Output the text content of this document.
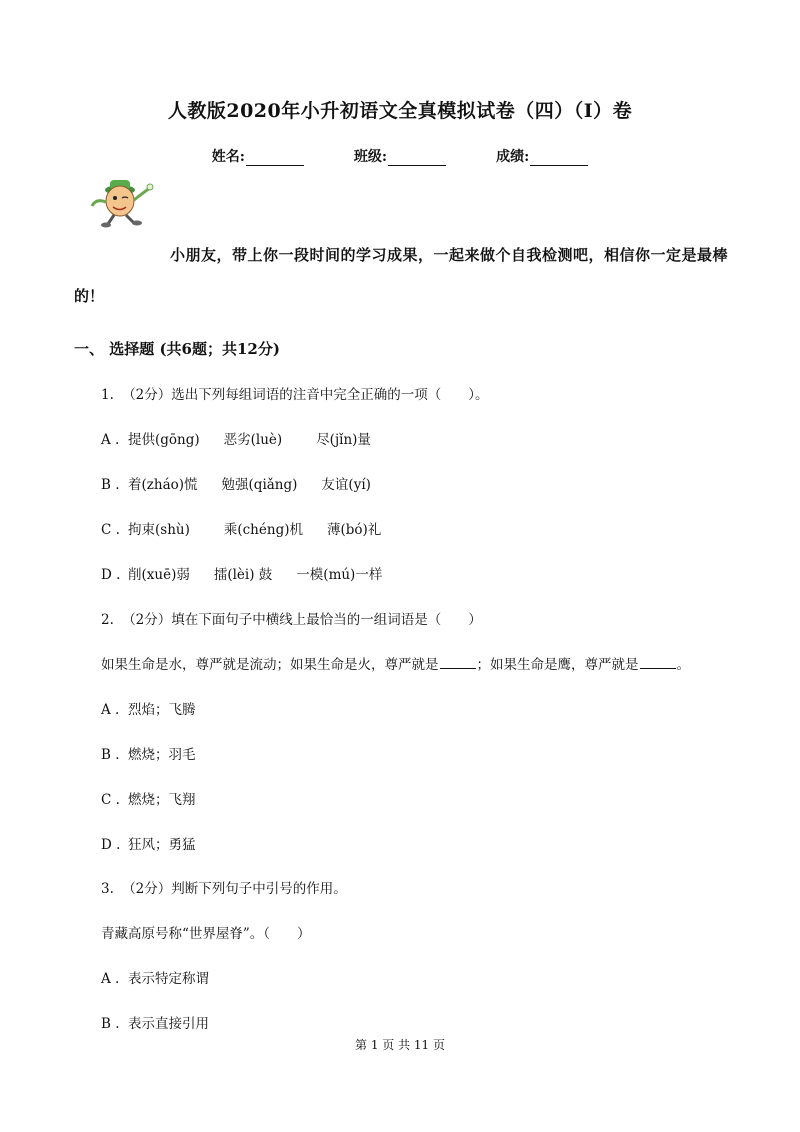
人教版2020年小升初语文全真模拟试卷（四）（I）卷
姓名:	班级:	成绩:
小朋友，带上你一段时间的学习成果，一起来做个自我检测吧，相信你一定是最棒
的！
一、 选择题 (共6题；共12分)
1. （2分）选出下列每组词语的注音中完全正确的一项（　　）。
A . 提供(gōng) 恶劣(luè)	尽(jǐn)量
B . 着(zháo)慌 勉强(qiǎng) 友谊(yí)
C . 拘束(shù)	乘(chéng)机 薄(bó)礼
D . 削(xuē)弱 擂(lèi) 鼓 一模(mú)一样
2. （2分）填在下面句子中横线上最恰当的一组词语是（　　）
如果生命是水，尊严就是流动；如果生命是火，尊严就是	；如果生命是鹰，尊严就是	。
A . 烈焰；飞腾
B . 燃烧；羽毛
C . 燃烧；飞翔
D . 狂风；勇猛
3. （2分）判断下列句子中引号的作用。
青藏高原号称“世界屋脊”。（　　）
A . 表示特定称谓
B . 表示直接引用
第 1 页 共 11 页
